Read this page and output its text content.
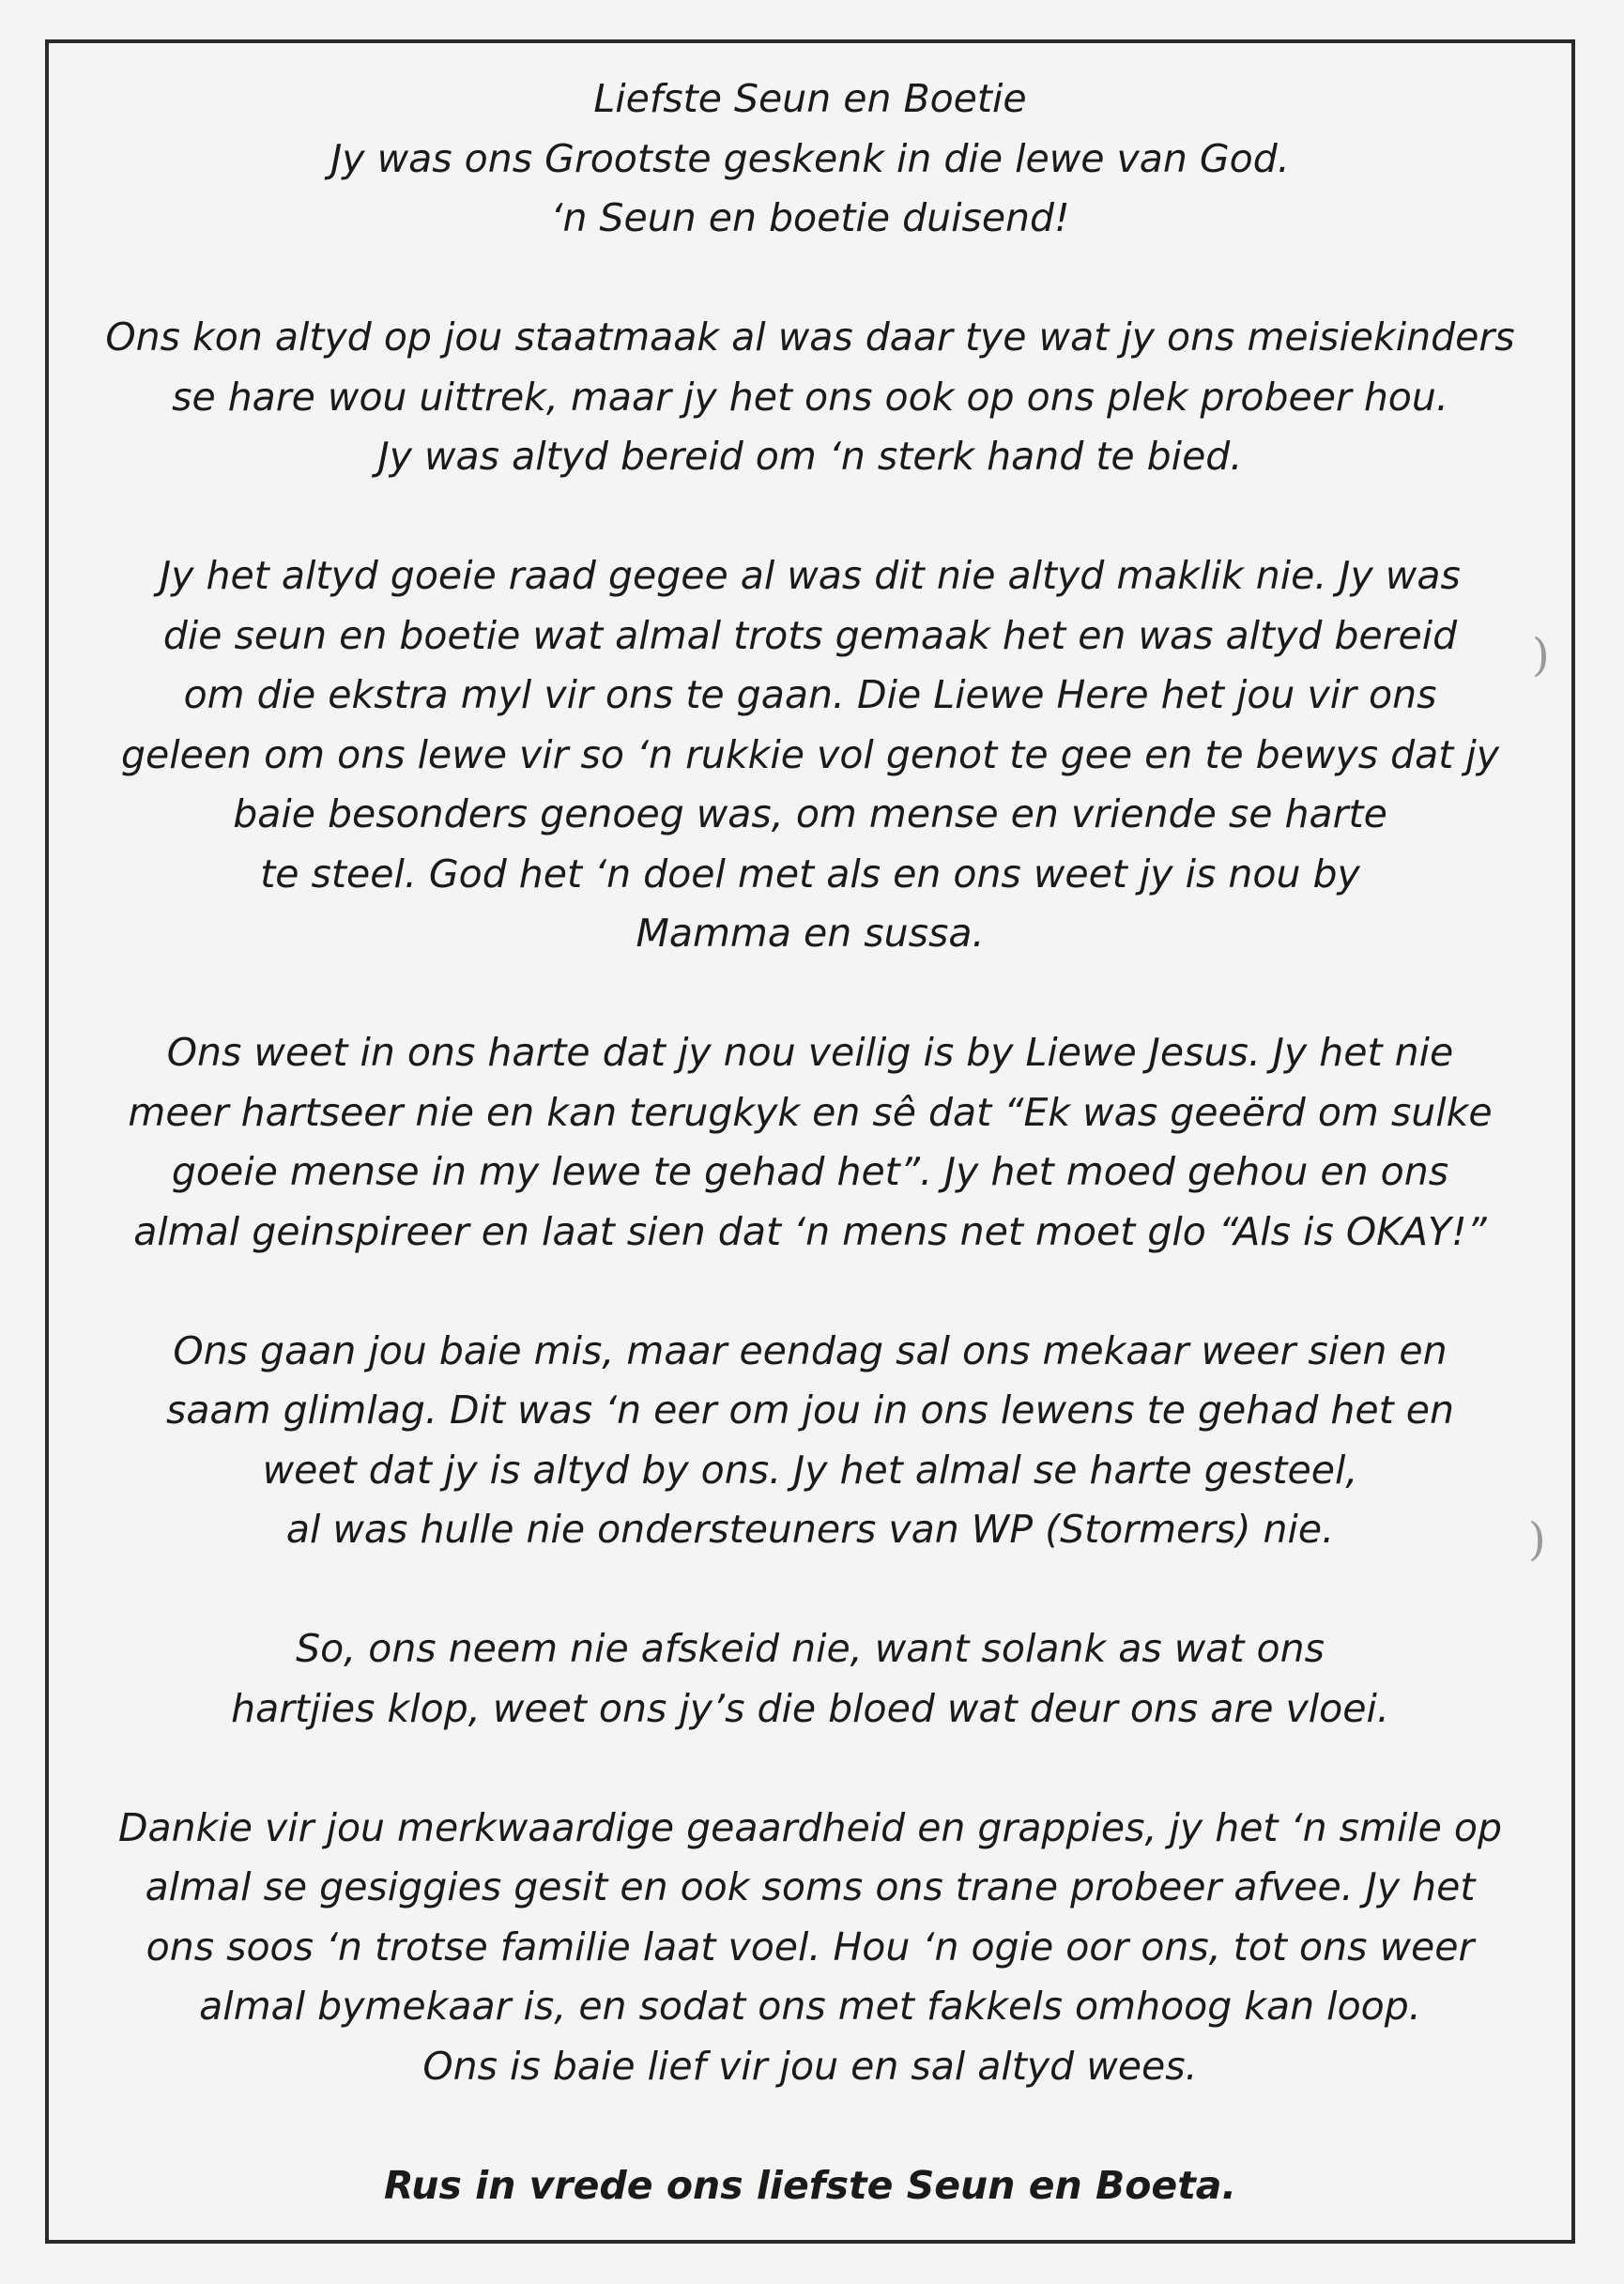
Liefste Seun en Boetie
Jy was ons Grootste geskenk in die lewe van God.
‘n Seun en boetie duisend!
Ons kon altyd op jou staatmaak al was daar tye wat jy ons meisiekinders
se hare wou uittrek, maar jy het ons ook op ons plek probeer hou.
Jy was altyd bereid om ‘n sterk hand te bied.
Jy het altyd goeie raad gegee al was dit nie altyd maklik nie. Jy was
die seun en boetie wat almal trots gemaak het en was altyd bereid
om die ekstra myl vir ons te gaan. Die Liewe Here het jou vir ons
geleen om ons lewe vir so ‘n rukkie vol genot te gee en te bewys dat jy
baie besonders genoeg was, om mense en vriende se harte
te steel. God het ‘n doel met als en ons weet jy is nou by
Mamma en sussa.
Ons weet in ons harte dat jy nou veilig is by Liewe Jesus. Jy het nie
meer hartseer nie en kan terugkyk en sê dat “Ek was geeërd om sulke
goeie mense in my lewe te gehad het”. Jy het moed gehou en ons
almal geinspireer en laat sien dat ‘n mens net moet glo “Als is OKAY!”
Ons gaan jou baie mis, maar eendag sal ons mekaar weer sien en
saam glimlag. Dit was ‘n eer om jou in ons lewens te gehad het en
weet dat jy is altyd by ons. Jy het almal se harte gesteel,
al was hulle nie ondersteuners van WP (Stormers) nie.
So, ons neem nie afskeid nie, want solank as wat ons
hartjies klop, weet ons jy’s die bloed wat deur ons are vloei.
Dankie vir jou merkwaardige geaardheid en grappies, jy het ‘n smile op
almal se gesiggies gesit en ook soms ons trane probeer afvee. Jy het
ons soos ‘n trotse familie laat voel. Hou ‘n ogie oor ons, tot ons weer
almal bymekaar is, en sodat ons met fakkels omhoog kan loop.
Ons is baie lief vir jou en sal altyd wees.
Rus in vrede ons liefste Seun en Boeta.
)
)
